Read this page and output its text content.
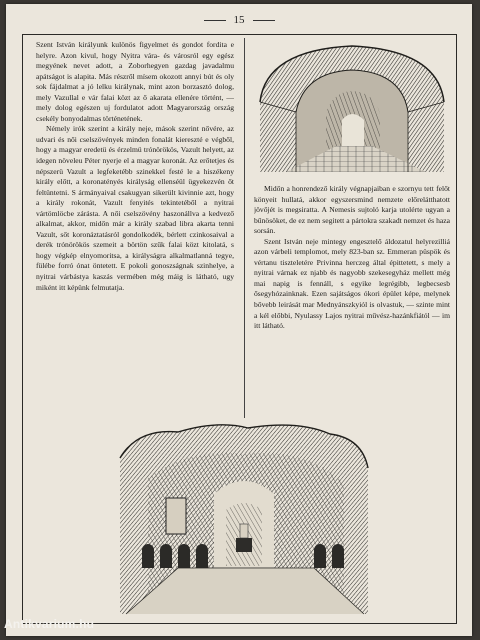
15

Szent István királyunk kulönös figyelmet és gondot fordita e helyre. Azon kivul, hogy Nyitra vára- és városról egy egész megyének nevet adott, a Zoborhegyen gazdag javadalmu apátságot is alapita. Más részről mísem okozott annyi bút és oly sok fájdalmat a jó lelku királynak, mint azon borzasztó dolog, mely Vazullal e vár falai közt az ő akarata ellenére történt, — mely dolog egészen uj fordulatot adott Magyarország ország csekély bonyodalmas történetének.

Némely irók szerint a király neje, mások szerint nővére, az udvari és női cselszövények minden fonalát kiereszté e végből, hogy a magyar eredetü és érzelmü trónörökös, Vazult helyett, az idegen növeleu Péter nyerje el a magyar koronát. Az erőtetjes és népszerü Vazult a legfeketébb szinekkel festé le a hiszékeny király előtt, a koronatényés királyság ellenséül ügyekezvén őt feltüntetni. S ármányaival csakugyan sikerült kivinnie azt, hogy a király rokonát, Vazult fenyités tekintetéből a nyitrai vártömlöcbe zárásta. A női cselszövény haszonállva a kedvező alkalmat, akkor, midőn már a király szabad libra akarta tenni Vazult, sőt koronáztatásról gondolkodék, bérlett czinkosaival a derék trónörökös szemeit a börtön szűk falai közt kitolatá, s hogy végkép elnyomoritsa, a királyságra alkalmatlanná tegye, fülébe forró ónat öntetett. E pokoli gonoszságnak szinhelye, a nyitrai várbástya kaszás vermében még máig is látható, ugy miként itt képünk felmutatja.

Midőn a honrendező király végnapjaiban e szornyu tett felőt könyeit hullatá, akkor egyszersmind nemzete előrelátthatott jövőjét is megsiratta. A Nemesis sujtoló karja utolérte ugyan a bűnösöket, de ez nem segitett a pártokra szakadt nemzet és haza sorsán.

Szent István neje mintegy engesztelő áldozatul helyrezilliá azon várbeli templomot, mely 823-ban sz. Emmeran püspök és vértanu tiszteletére Privinna herczeg által épittetett, s mely a nyitrai várnak ez njabb és nagyobb szekesegyház mellett még mai napig is fennáll, s egyike legrégibb, legbecsesb ősegyhózainknak. Ezen sajátságos ókori épület képe, melynek bővebb leirását mar Mednyánszkyiól is olvastuk, — szinte mint a kél előbbi, Nyulassy Lajos nyitrai művész-hazánkfiától — im itt látható.

Antikvarium.hu
